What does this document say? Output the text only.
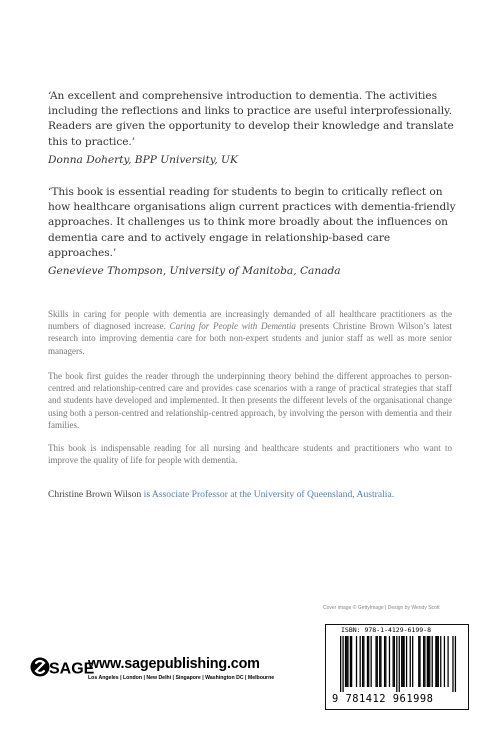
‘An excellent and comprehensive introduction to dementia. The activities including the reflections and links to practice are useful interprofessionally. Readers are given the opportunity to develop their knowledge and translate this to practice.’

Donna Doherty, BPP University, UK

‘This book is essential reading for students to begin to critically reflect on how healthcare organisations align current practices with dementia-friendly approaches. It challenges us to think more broadly about the influences on dementia care and to actively engage in relationship-based care approaches.’

Genevieve Thompson, University of Manitoba, Canada

Skills in caring for people with dementia are increasingly demanded of all healthcare practitioners as the numbers of diagnosed increase. Caring for People with Dementia presents Christine Brown Wilson’s latest research into improving dementia care for both non-expert students and junior staff as well as more senior managers.

The book first guides the reader through the underpinning theory behind the different approaches to person-centred and relationship-centred care and provides case scenarios with a range of practical strategies that staff and students have developed and implemented. It then presents the different levels of the organisational change using both a person-centred and relationship-centred approach, by involving the person with dementia and their families.

This book is indispensable reading for all nursing and healthcare students and practitioners who want to improve the quality of life for people with dementia.

Christine Brown Wilson is Associate Professor at the University of Queensland, Australia.

Cover image © GettyImage | Design by Wendy Scott
SAGE
www.sagepublishing.com
Los Angeles | London | New Delhi | Singapore | Washington DC | Melbourne
ISBN: 978-1-4129-6199-8
9 781412 961998
